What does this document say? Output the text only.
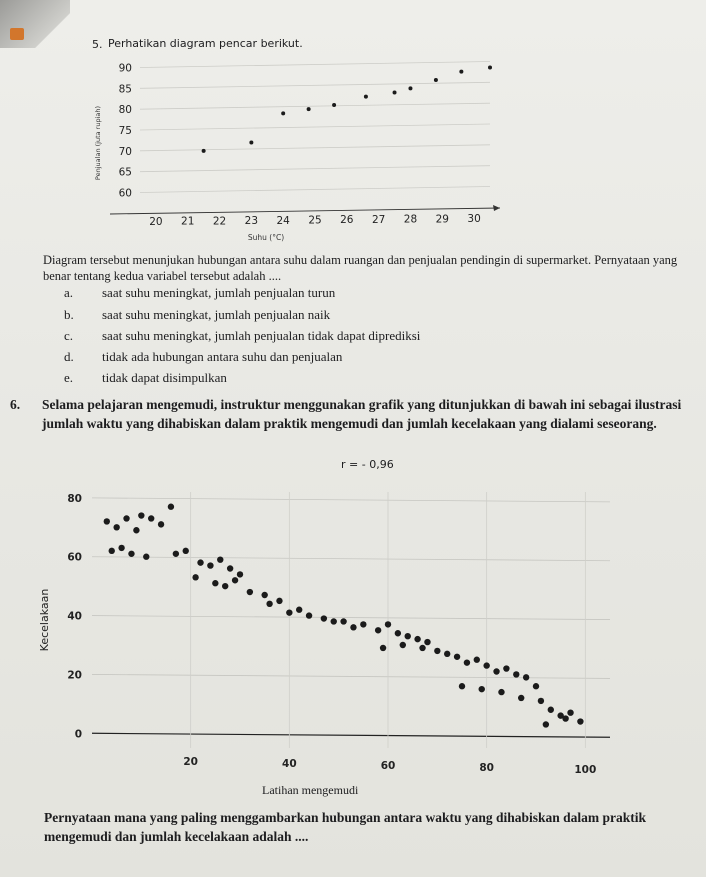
5. Perhatikan diagram pencar berikut.
60
65
70
75
80
85
90
20 21 22 23 24 25 26 27 28 29 30
Suhu (°C)
Penjualan (juta rupiah)
Diagram tersebut menunjukan hubungan antara suhu dalam ruangan dan penjualan pendingin di supermarket. Pernyataan yang benar tentang kedua variabel tersebut adalah ....
a. saat suhu meningkat, jumlah penjualan turun
b. saat suhu meningkat, jumlah penjualan naik
c. saat suhu meningkat, jumlah penjualan tidak dapat diprediksi
d. tidak ada hubungan antara suhu dan penjualan
e. tidak dapat disimpulkan
6. Selama pelajaran mengemudi, instruktur menggunakan grafik yang ditunjukkan di bawah ini sebagai ilustrasi jumlah waktu yang dihabiskan dalam praktik mengemudi dan jumlah kecelakaan yang dialami seseorang.
r = - 0,96
0
20
40
60
80
20	40	60	80	100
Kecelakaan
Latihan mengemudi
Pernyataan mana yang paling menggambarkan hubungan antara waktu yang dihabiskan dalam praktik mengemudi dan jumlah kecelakaan adalah ....
